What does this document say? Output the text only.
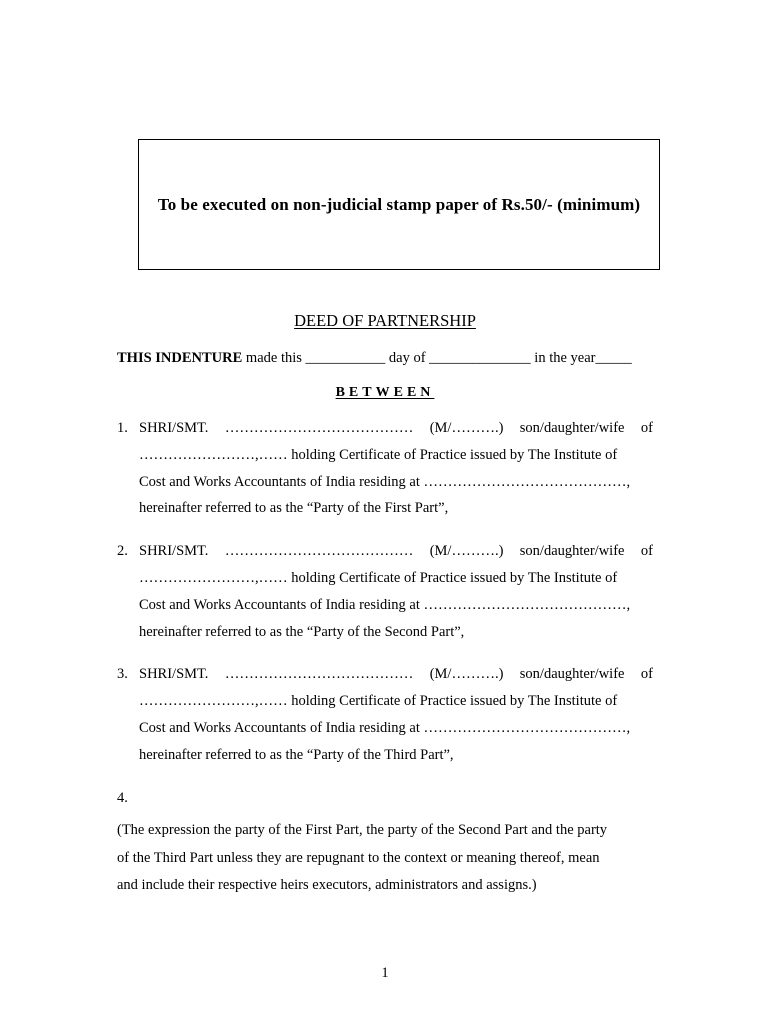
To be executed on non-judicial stamp paper of Rs.50/- (minimum)
DEED OF PARTNERSHIP
THIS INDENTURE made this ___________ day of ______________ in the year_____
BETWEEN
1. SHRI/SMT. ………………………………… (M/……….) son/daughter/wife of
……………………,…… holding Certificate of Practice issued by The Institute of
Cost and Works Accountants of India residing at ……………………………………,
hereinafter referred to as the “Party of the First Part”,
2. SHRI/SMT. ………………………………… (M/……….) son/daughter/wife of
……………………,…… holding Certificate of Practice issued by The Institute of
Cost and Works Accountants of India residing at ……………………………………,
hereinafter referred to as the “Party of the Second Part”,
3. SHRI/SMT. ………………………………… (M/……….) son/daughter/wife of
……………………,…… holding Certificate of Practice issued by The Institute of
Cost and Works Accountants of India residing at ……………………………………,
hereinafter referred to as the “Party of the Third Part”,
4.
(The expression the party of the First Part, the party of the Second Part and the party
of the Third Part unless they are repugnant to the context or meaning thereof, mean
and include their respective heirs executors, administrators and assigns.)
1
